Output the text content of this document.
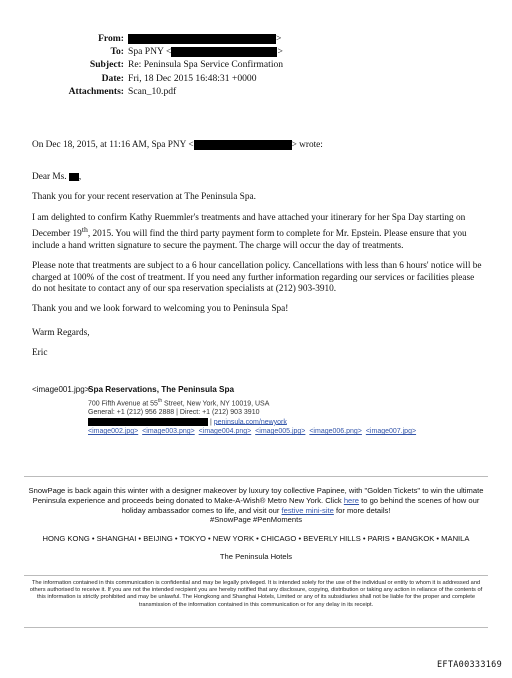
From:	>
To: Spa PNY <	>
Subject: Re: Peninsula Spa Service Confirmation
Date: Fri, 18 Dec 2015 16:48:31 +0000
Attachments: Scan_10.pdf
On Dec 18, 2015, at 11:16 AM, Spa PNY <	> wrote:

Dear Ms. ,

Thank you for your recent reservation at The Peninsula Spa.

I am delighted to confirm Kathy Ruemmler's treatments and have attached your itinerary for her Spa Day starting on December 19th, 2015. You will find the third party payment form to complete for Mr. Epstein. Please ensure that you include a hand written signature to secure the payment. The charge will occur the day of treatments.

Please note that treatments are subject to a 6 hour cancellation policy. Cancellations with less than 6 hours' notice will be charged at 100% of the cost of treatment. If you need any further information regarding our services or facilities please do not hesitate to contact any of our spa reservation specialists at (212) 903-3910.

Thank you and we look forward to welcoming you to Peninsula Spa!

Warm Regards,

Eric

<image001.jpg>
Spa Reservations, The Peninsula Spa
700 Fifth Avenue at 55th Street, New York, NY 10019, USA
General: +1 (212) 956 2888 | Direct: +1 (212) 903 3910
| peninsula.com/newyork
<image002.jpg> <image003.png> <image004.png> <image005.jpg> <image006.png> <image007.jpg>
SnowPage is back again this winter with a designer makeover by luxury toy collective Papinee, with "Golden Tickets" to win the ultimate Peninsula experience and proceeds being donated to Make-A-Wish® Metro New York. Click here to go behind the scenes of how our holiday ambassador comes to life, and visit our festive mini-site for more details!
#SnowPage #PenMoments
HONG KONG • SHANGHAI • BEIJING • TOKYO • NEW YORK • CHICAGO • BEVERLY HILLS • PARIS • BANGKOK • MANILA
The Peninsula Hotels
The information contained in this communication is confidential and may be legally privileged. It is intended solely for the use of the individual or entity to whom it is addressed and others authorised to receive it. If you are not the intended recipient you are hereby notified that any disclosure, copying, distribution or taking any action in reliance of the contents of this information is strictly prohibited and may be unlawful. The Hongkong and Shanghai Hotels, Limited or any of its subsidiaries shall not be liable for the proper and complete transmission of the information contained in this communication or for any delay in its receipt.
EFTA00333169
